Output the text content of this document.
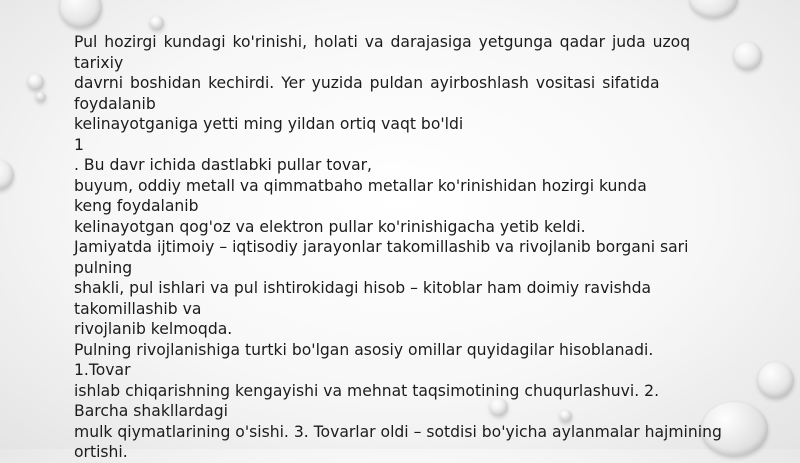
Pul hozirgi kundagi ko'rinishi, holati va darajasiga yetgunga qadar juda uzoq
tarixiy
davrni boshidan kechirdi. Yer yuzida puldan ayirboshlash vositasi sifatida
foydalanib
kelinayotganiga yetti ming yildan ortiq vaqt bo'ldi
1
. Bu davr ichida dastlabki pullar tovar,
buyum, oddiy metall va qimmatbaho metallar ko'rinishidan hozirgi kunda
keng foydalanib
kelinayotgan qog'oz va elektron pullar ko'rinishigacha yetib keldi.
Jamiyatda ijtimoiy – iqtisodiy jarayonlar takomillashib va rivojlanib borgani sari
pulning
shakli, pul ishlari va pul ishtirokidagi hisob – kitoblar ham doimiy ravishda
takomillashib va
rivojlanib kelmoqda.
Pulning rivojlanishiga turtki bo'lgan asosiy omillar quyidagilar hisoblanadi.
1.Tovar
ishlab chiqarishning kengayishi va mehnat taqsimotining chuqurlashuvi. 2.
Barcha shakllardagi
mulk qiymatlarining o'sishi. 3. Tovarlar oldi – sotdisi bo'yicha aylanmalar hajmining
ortishi.
